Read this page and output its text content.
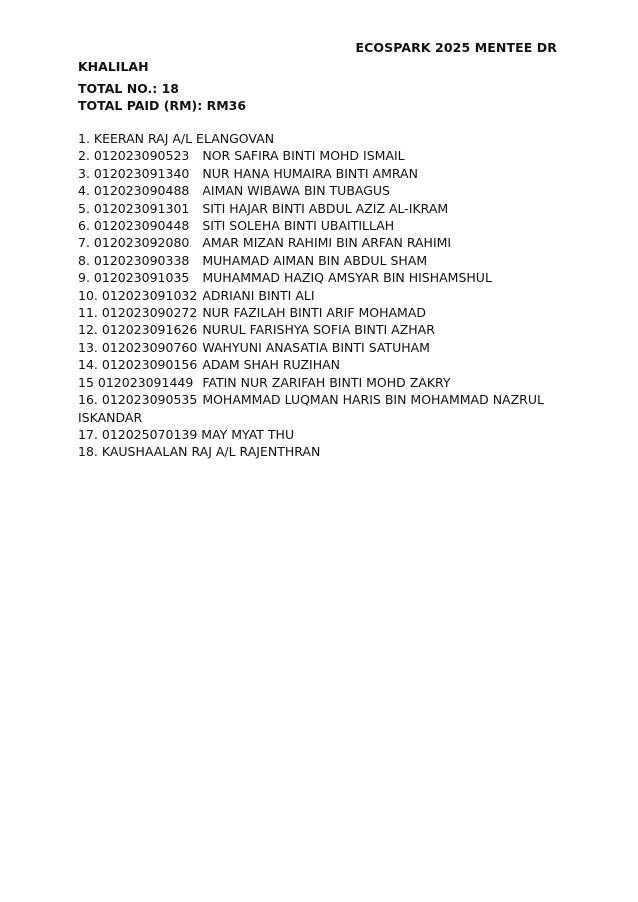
ECOSPARK 2025 MENTEE DR
KHALILAH
TOTAL NO.: 18
TOTAL PAID (RM): RM36
1. KEERAN RAJ A/L ELANGOVAN
2. 012023090523 NOR SAFIRA BINTI MOHD ISMAIL
3. 012023091340 NUR HANA HUMAIRA BINTI AMRAN
4. 012023090488 AIMAN WIBAWA BIN TUBAGUS
5. 012023091301 SITI HAJAR BINTI ABDUL AZIZ AL-IKRAM
6. 012023090448 SITI SOLEHA BINTI UBAITILLAH
7. 012023092080 AMAR MIZAN RAHIMI BIN ARFAN RAHIMI
8. 012023090338 MUHAMAD AIMAN BIN ABDUL SHAM
9. 012023091035 MUHAMMAD HAZIQ AMSYAR BIN HISHAMSHUL
10. 012023091032 ADRIANI BINTI ALI
11. 012023090272 NUR FAZILAH BINTI ARIF MOHAMAD
12. 012023091626 NURUL FARISHYA SOFIA BINTI AZHAR
13. 012023090760 WAHYUNI ANASATIA BINTI SATUHAM
14. 012023090156 ADAM SHAH RUZIHAN
15 012023091449 FATIN NUR ZARIFAH BINTI MOHD ZAKRY
16. 012023090535 MOHAMMAD LUQMAN HARIS BIN MOHAMMAD NAZRUL ISKANDAR
17. 012025070139 MAY MYAT THU
18. KAUSHAALAN RAJ A/L RAJENTHRAN
